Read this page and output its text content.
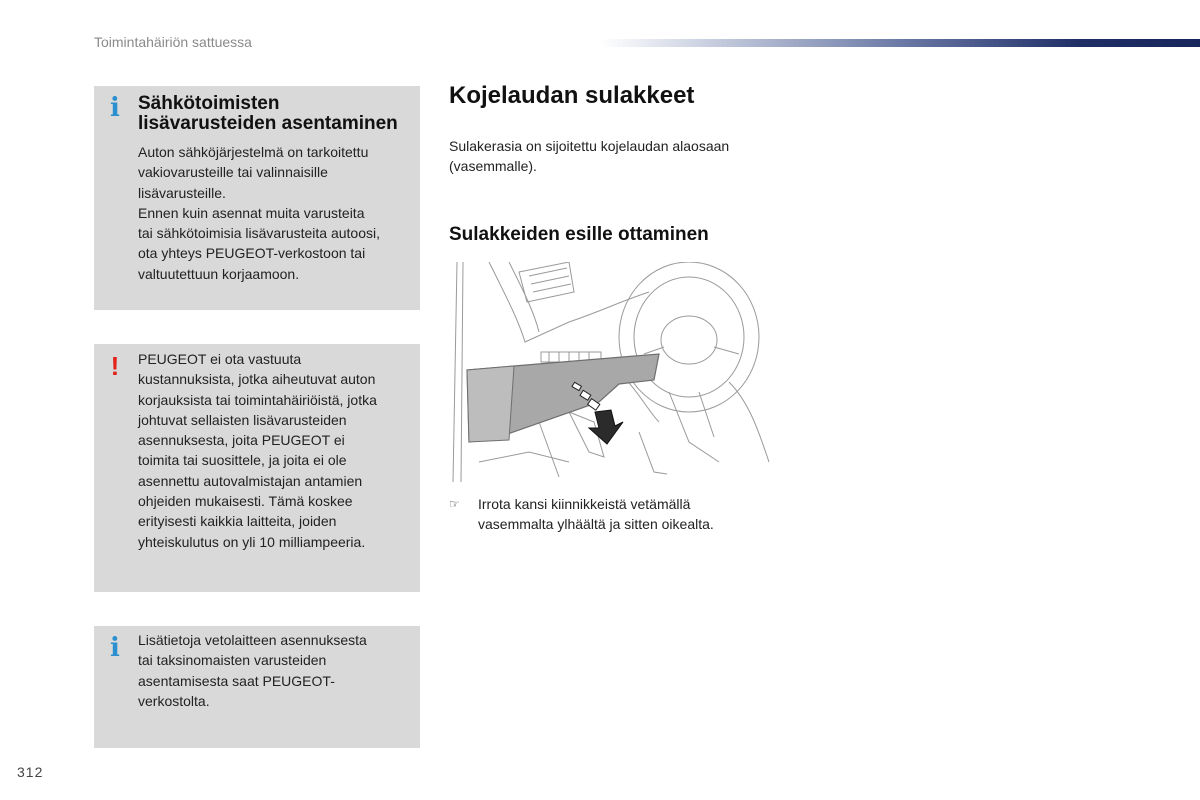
Toimintahäiriön sattuessa
i Sähkötoimisten
lisävarusteiden asentaminen
Auton sähköjärjestelmä on tarkoitettu
vakiovarusteille tai valinnaisille
lisävarusteille.
Ennen kuin asennat muita varusteita
tai sähkötoimisia lisävarusteita autoosi,
ota yhteys PEUGEOT-verkostoon tai
valtuutettuun korjaamoon.
! PEUGEOT ei ota vastuuta
kustannuksista, jotka aiheutuvat auton
korjauksista tai toimintahäiriöistä, jotka
johtuvat sellaisten lisävarusteiden
asennuksesta, joita PEUGEOT ei
toimita tai suosittele, ja joita ei ole
asennettu autovalmistajan antamien
ohjeiden mukaisesti. Tämä koskee
erityisesti kaikkia laitteita, joiden
yhteiskulutus on yli 10 milliampeeria.
i Lisätietoja vetolaitteen asennuksesta
tai taksinomaisten varusteiden
asentamisesta saat PEUGEOT-
verkostolta.
Kojelaudan sulakkeet
Sulakerasia on sijoitettu kojelaudan alaosaan
(vasemmalle).
Sulakkeiden esille ottaminen
☞ Irrota kansi kiinnikkeistä vetämällä
vasemmalta ylhäältä ja sitten oikealta.
312
